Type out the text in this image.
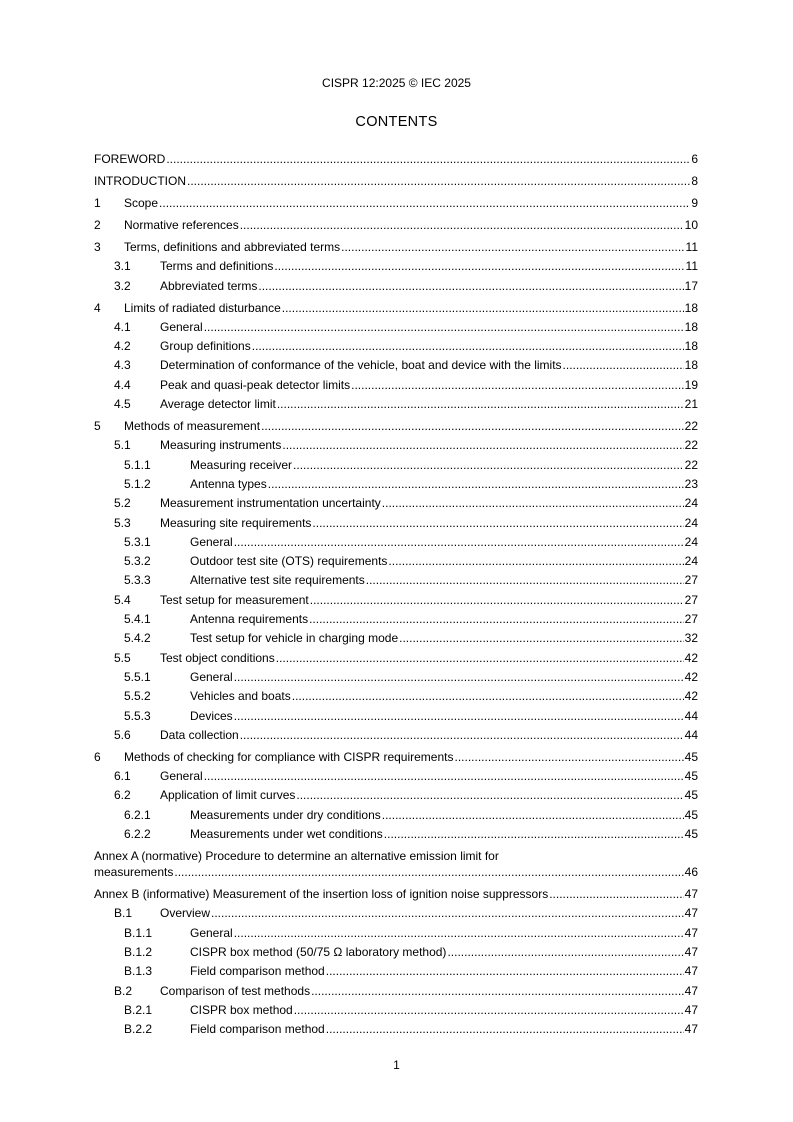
CISPR 12:2025 © IEC 2025
CONTENTS
FOREWORD .....	6
INTRODUCTION .....	8
1	Scope .....	9
2	Normative references .....	10
3	Terms, definitions and abbreviated terms .....	11
3.1	Terms and definitions .....	11
3.2	Abbreviated terms .....	17
4	Limits of radiated disturbance .....	18
4.1	General .....	18
4.2	Group definitions .....	18
4.3	Determination of conformance of the vehicle, boat and device with the limits .....	18
4.4	Peak and quasi-peak detector limits .....	19
4.5	Average detector limit .....	21
5	Methods of measurement .....	22
5.1	Measuring instruments .....	22
5.1.1	Measuring receiver .....	22
5.1.2	Antenna types .....	23
5.2	Measurement instrumentation uncertainty .....	24
5.3	Measuring site requirements .....	24
5.3.1	General .....	24
5.3.2	Outdoor test site (OTS) requirements .....	24
5.3.3	Alternative test site requirements .....	27
5.4	Test setup for measurement .....	27
5.4.1	Antenna requirements .....	27
5.4.2	Test setup for vehicle in charging mode .....	32
5.5	Test object conditions .....	42
5.5.1	General .....	42
5.5.2	Vehicles and boats .....	42
5.5.3	Devices .....	44
5.6	Data collection .....	44
6	Methods of checking for compliance with CISPR requirements .....	45
6.1	General .....	45
6.2	Application of limit curves .....	45
6.2.1	Measurements under dry conditions .....	45
6.2.2	Measurements under wet conditions .....	45
Annex A (normative) Procedure to determine an alternative emission limit for
measurements .....	46
Annex B (informative) Measurement of the insertion loss of ignition noise suppressors .....	47
B.1	Overview .....	47
B.1.1	General .....	47
B.1.2	CISPR box method (50/75 Ω laboratory method) .....	47
B.1.3	Field comparison method .....	47
B.2	Comparison of test methods .....	47
B.2.1	CISPR box method .....	47
B.2.2	Field comparison method .....	47
1
